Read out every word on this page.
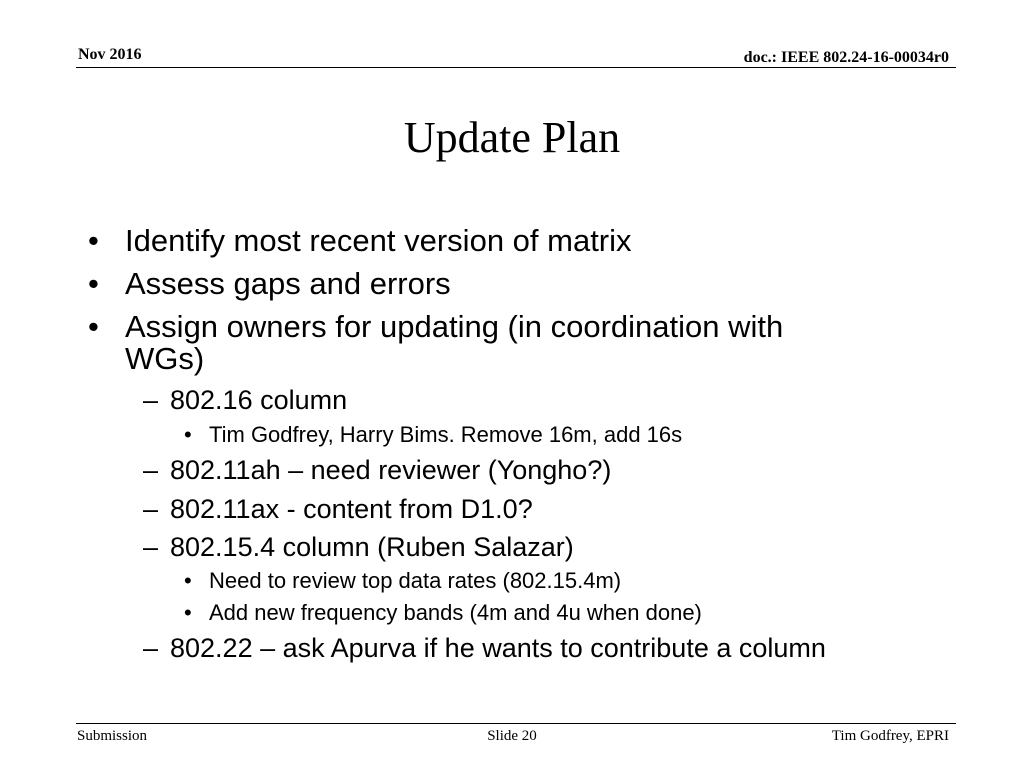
Nov 2016	doc.: IEEE 802.24-16-00034r0
Update Plan
• Identify most recent version of matrix
• Assess gaps and errors
• Assign owners for updating (in coordination with
WGs)
– 802.16 column
• Tim Godfrey, Harry Bims. Remove 16m, add 16s
– 802.11ah – need reviewer (Yongho?)
– 802.11ax - content from D1.0?
– 802.15.4 column (Ruben Salazar)
• Need to review top data rates (802.15.4m)
• Add new frequency bands (4m and 4u when done)
– 802.22 – ask Apurva if he wants to contribute a column
Submission	Slide 20	Tim Godfrey, EPRI
